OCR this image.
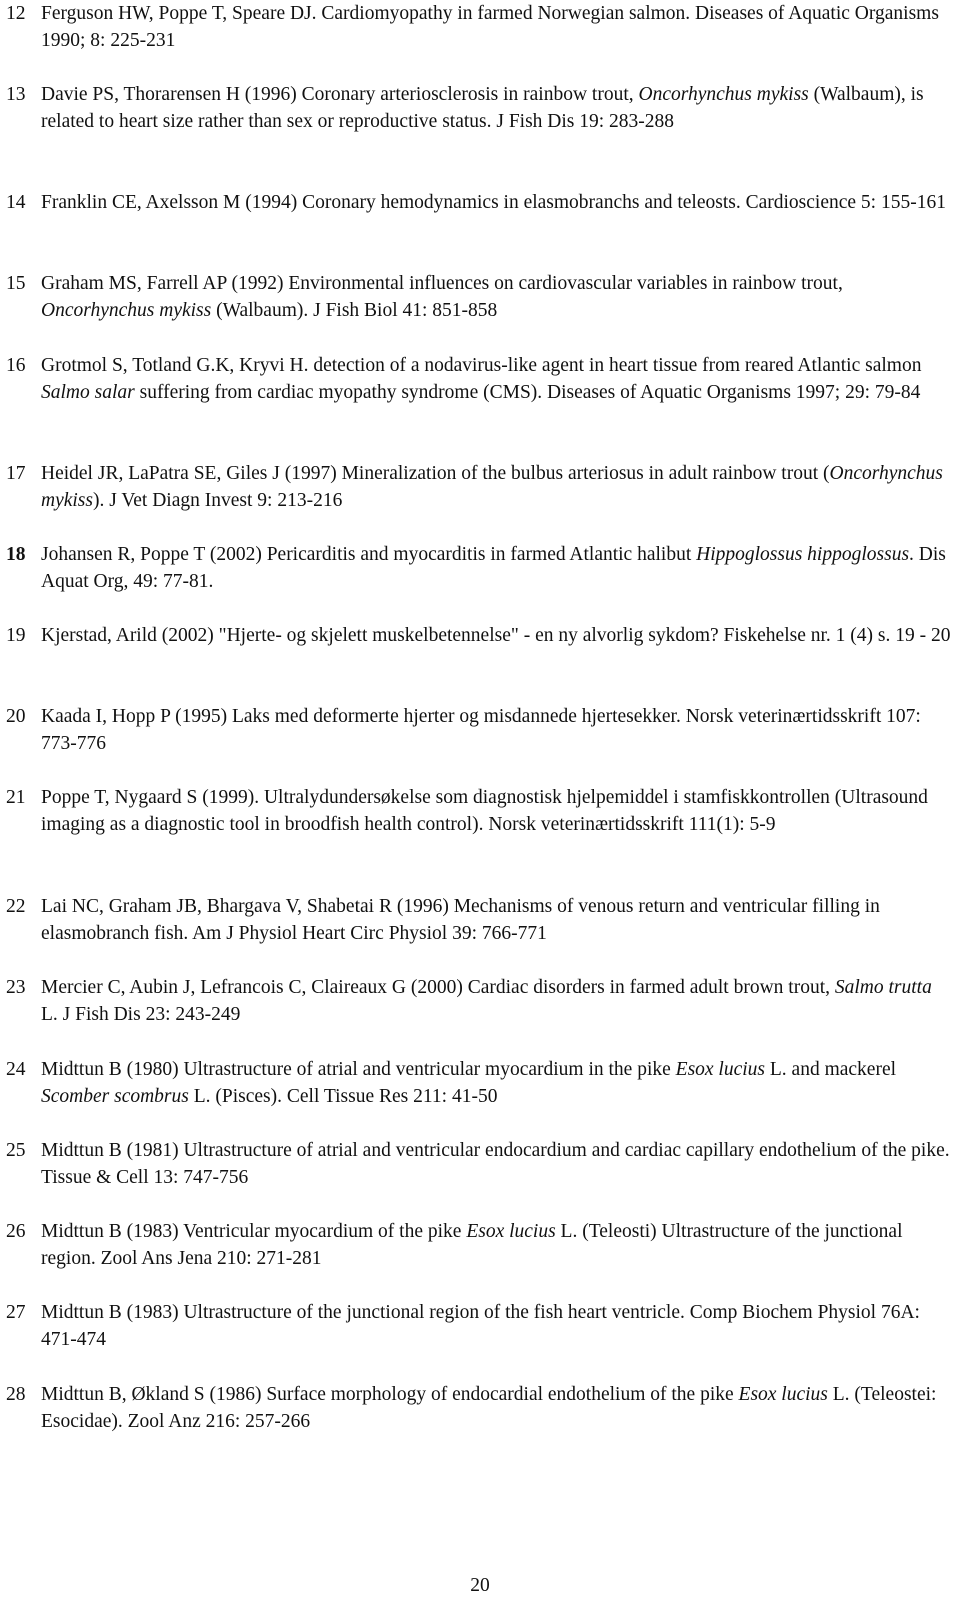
12 Ferguson HW, Poppe T, Speare DJ. Cardiomyopathy in farmed Norwegian salmon. Diseases of Aquatic Organisms 1990; 8: 225-231
13 Davie PS, Thorarensen H (1996) Coronary arteriosclerosis in rainbow trout, Oncorhynchus mykiss (Walbaum), is related to heart size rather than sex or reproductive status. J Fish Dis 19: 283-288
14 Franklin CE, Axelsson M (1994) Coronary hemodynamics in elasmobranchs and teleosts. Cardioscience 5: 155-161
15 Graham MS, Farrell AP (1992) Environmental influences on cardiovascular variables in rainbow trout, Oncorhynchus mykiss (Walbaum). J Fish Biol 41: 851-858
16 Grotmol S, Totland G.K, Kryvi H. detection of a nodavirus-like agent in heart tissue from reared Atlantic salmon Salmo salar suffering from cardiac myopathy syndrome (CMS). Diseases of Aquatic Organisms 1997; 29: 79-84
17 Heidel JR, LaPatra SE, Giles J (1997) Mineralization of the bulbus arteriosus in adult rainbow trout (Oncorhynchus mykiss). J Vet Diagn Invest 9: 213-216
18 Johansen R, Poppe T (2002) Pericarditis and myocarditis in farmed Atlantic halibut Hippoglossus hippoglossus. Dis Aquat Org, 49: 77-81.
19 Kjerstad, Arild (2002) "Hjerte- og skjelett muskelbetennelse" - en ny alvorlig sykdom? Fiskehelse nr. 1 (4) s. 19 - 20
20 Kaada I, Hopp P (1995) Laks med deformerte hjerter og misdannede hjertesekker. Norsk veterinærtidsskrift 107: 773-776
21 Poppe T, Nygaard S (1999). Ultralydundersøkelse som diagnostisk hjelpemiddel i stamfiskkontrollen (Ultrasound imaging as a diagnostic tool in broodfish health control). Norsk veterinærtidsskrift 111(1): 5-9
22 Lai NC, Graham JB, Bhargava V, Shabetai R (1996) Mechanisms of venous return and ventricular filling in elasmobranch fish. Am J Physiol Heart Circ Physiol 39: 766-771
23 Mercier C, Aubin J, Lefrancois C, Claireaux G (2000) Cardiac disorders in farmed adult brown trout, Salmo trutta L. J Fish Dis 23: 243-249
24 Midttun B (1980) Ultrastructure of atrial and ventricular myocardium in the pike Esox lucius L. and mackerel Scomber scombrus L. (Pisces). Cell Tissue Res 211: 41-50
25 Midttun B (1981) Ultrastructure of atrial and ventricular endocardium and cardiac capillary endothelium of the pike. Tissue & Cell 13: 747-756
26 Midttun B (1983) Ventricular myocardium of the pike Esox lucius L. (Teleosti) Ultrastructure of the junctional region. Zool Ans Jena 210: 271-281
27 Midttun B (1983) Ultrastructure of the junctional region of the fish heart ventricle. Comp Biochem Physiol 76A: 471-474
28 Midttun B, Økland S (1986) Surface morphology of endocardial endothelium of the pike Esox lucius L. (Teleostei: Esocidae). Zool Anz 216: 257-266
20
